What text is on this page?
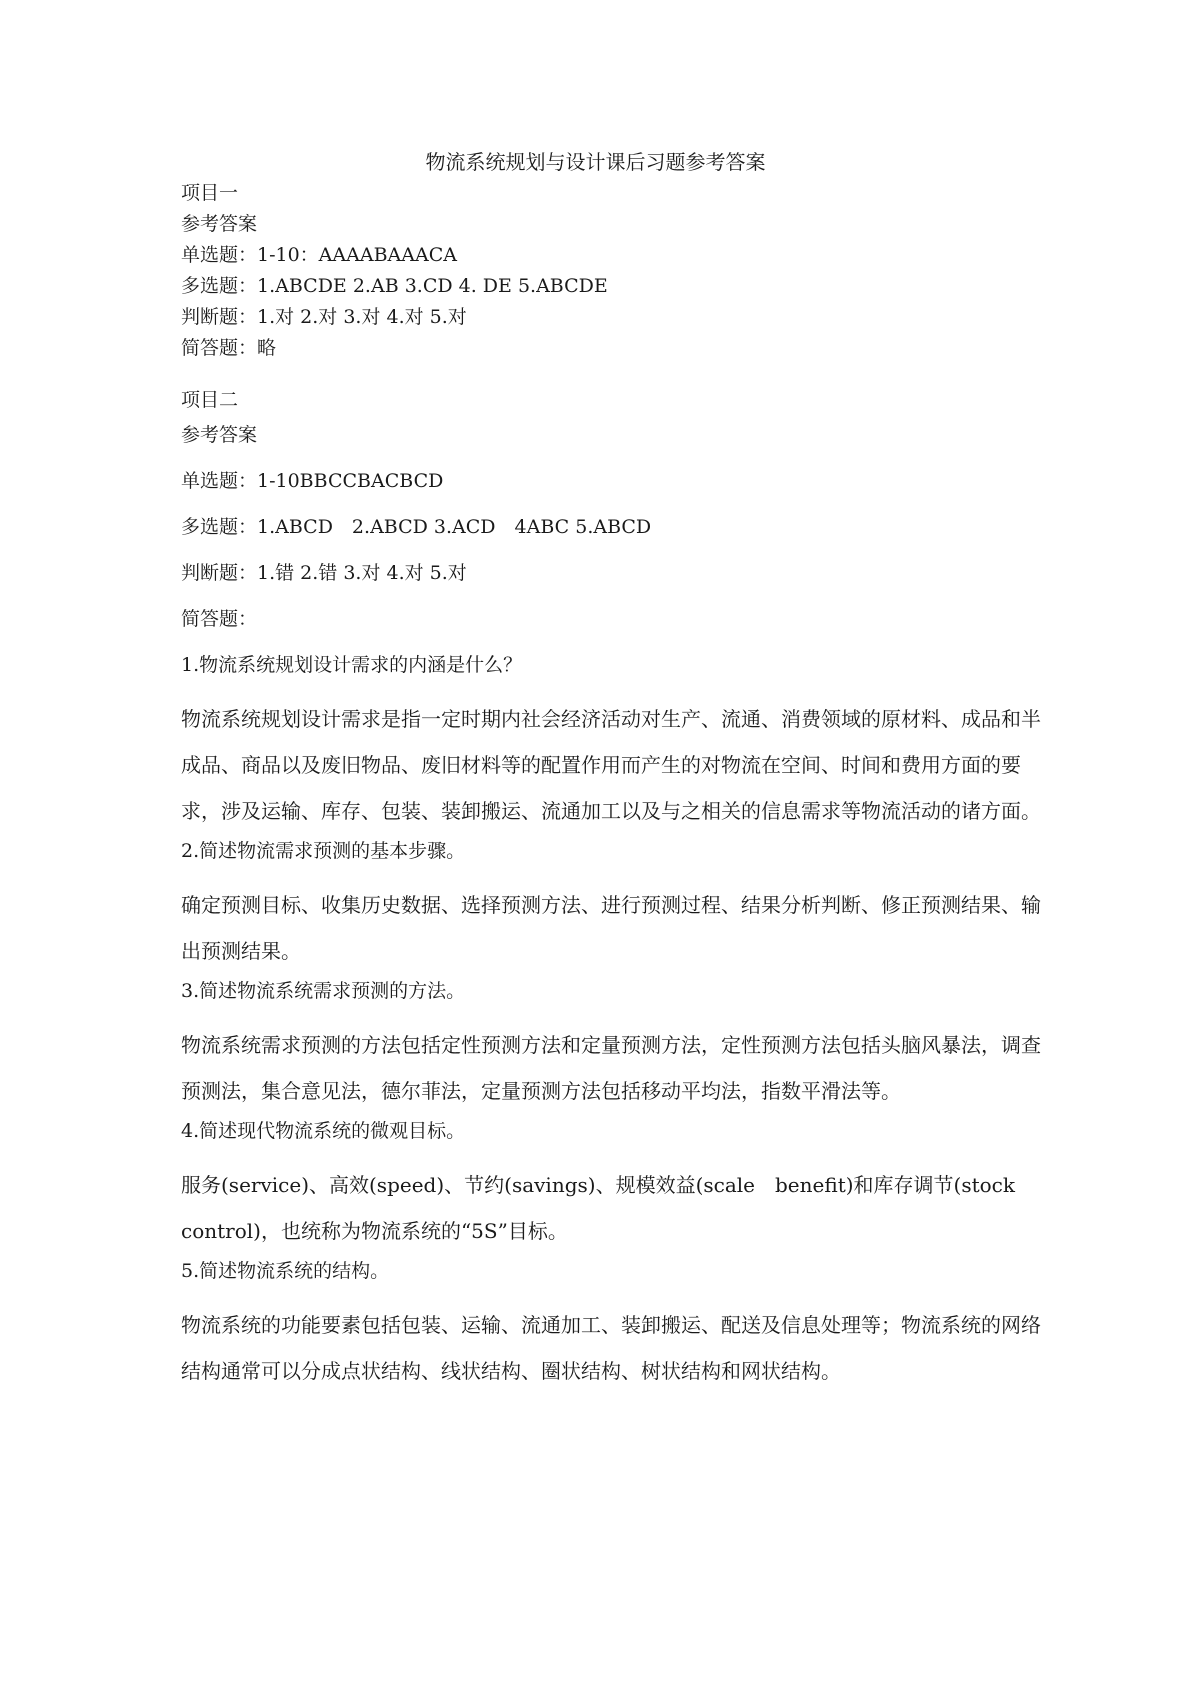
物流系统规划与设计课后习题参考答案
项目一
参考答案
单选题：1-10：AAAABAAACA
多选题：1.ABCDE 2.AB 3.CD 4. DE 5.ABCDE
判断题：1.对 2.对 3.对 4.对 5.对
简答题：略
项目二
参考答案
单选题：1-10BBCCBACBCD
多选题：1.ABCD　2.ABCD 3.ACD　4ABC 5.ABCD
判断题：1.错 2.错 3.对 4.对 5.对
简答题：
1.物流系统规划设计需求的内涵是什么？
物流系统规划设计需求是指一定时期内社会经济活动对生产、流通、消费领域的原材料、成品和半成品、商品以及废旧物品、废旧材料等的配置作用而产生的对物流在空间、时间和费用方面的要求，涉及运输、库存、包装、装卸搬运、流通加工以及与之相关的信息需求等物流活动的诸方面。
2.简述物流需求预测的基本步骤。
确定预测目标、收集历史数据、选择预测方法、进行预测过程、结果分析判断、修正预测结果、输出预测结果。
3.简述物流系统需求预测的方法。
物流系统需求预测的方法包括定性预测方法和定量预测方法，定性预测方法包括头脑风暴法，调查预测法，集合意见法，德尔菲法，定量预测方法包括移动平均法，指数平滑法等。
4.简述现代物流系统的微观目标。
服务(service)、高效(speed)、节约(savings)、规模效益(scale　benefit)和库存调节(stock　control)，也统称为物流系统的“5S”目标。
5.简述物流系统的结构。
物流系统的功能要素包括包装、运输、流通加工、装卸搬运、配送及信息处理等；物流系统的网络结构通常可以分成点状结构、线状结构、圈状结构、树状结构和网状结构。
